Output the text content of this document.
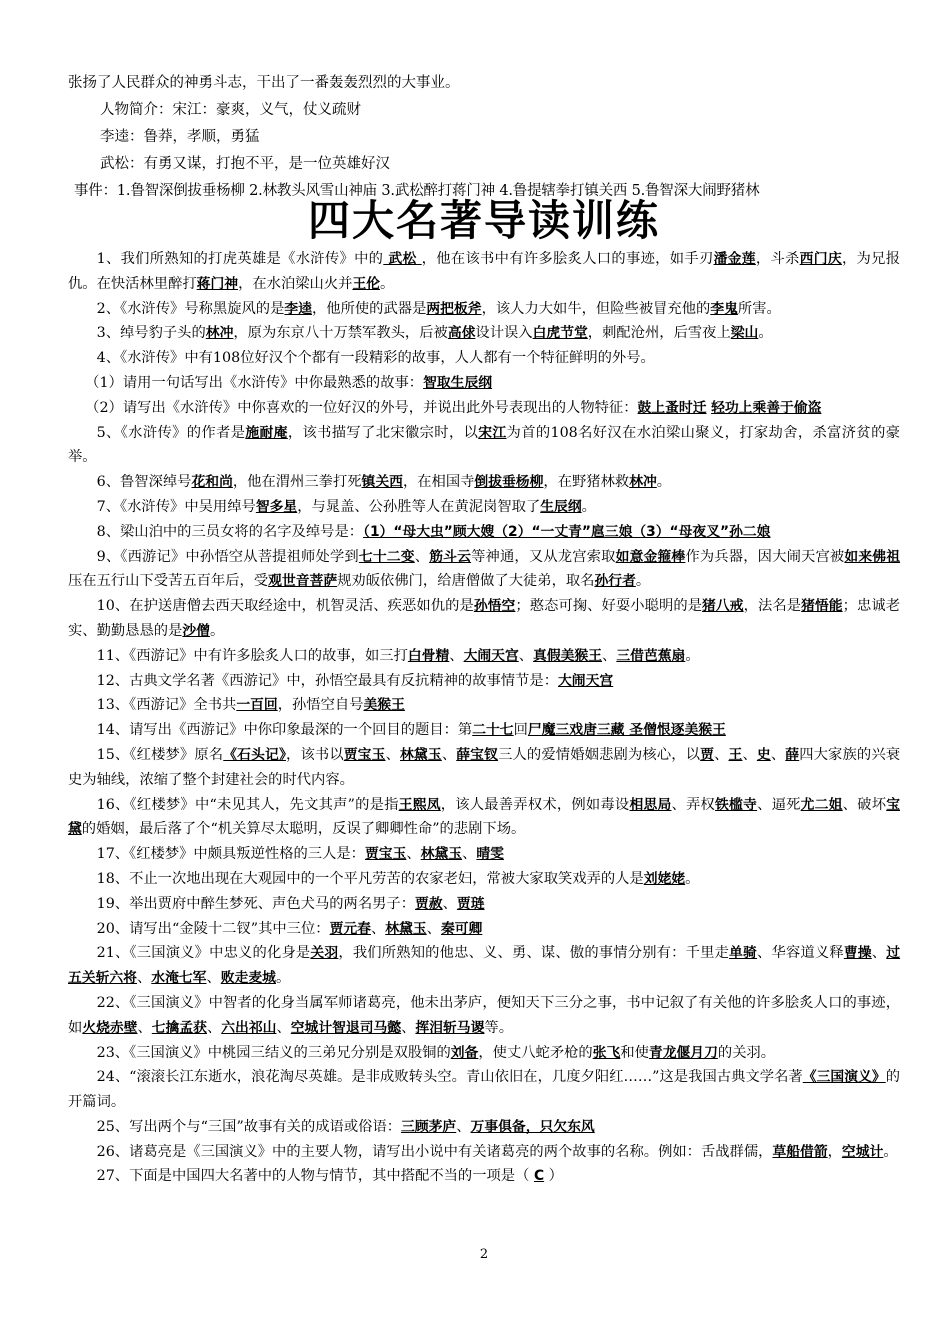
张扬了人民群众的神勇斗志，干出了一番轰轰烈烈的大事业。

人物简介：宋江：豪爽，义气，仗义疏财

李逵：鲁莽，孝顺，勇猛

武松：有勇又谋，打抱不平，是一位英雄好汉

事件：1.鲁智深倒拔垂杨柳 2.林教头风雪山神庙 3.武松醉打蒋门神 4.鲁提辖拳打镇关西 5.鲁智深大闹野猪林

四大名著导读训练

1、我们所熟知的打虎英雄是《水浒传》中的 武松 ，他在该书中有许多脍炙人口的事迹，如手刃潘金莲，斗杀西门庆，为兄报仇。在快活林里醉打蒋门神，在水泊梁山火并王伦。

2、《水浒传》号称黑旋风的是李逵，他所使的武器是两把板斧，该人力大如牛，但险些被冒充他的李鬼所害。

3、绰号豹子头的林冲，原为东京八十万禁军教头，后被高俅设计误入白虎节堂，刺配沧州，后雪夜上梁山。

4、《水浒传》中有108位好汉个个都有一段精彩的故事，人人都有一个特征鲜明的外号。

（1）请用一句话写出《水浒传》中你最熟悉的故事：智取生辰纲

（2）请写出《水浒传》中你喜欢的一位好汉的外号，并说出此外号表现出的人物特征：鼓上蚤时迁 轻功上乘善于偷盗

5、《水浒传》的作者是施耐庵，该书描写了北宋徽宗时，以宋江为首的108名好汉在水泊梁山聚义，打家劫舍，杀富济贫的豪举。

6、鲁智深绰号花和尚，他在渭州三拳打死镇关西，在相国寺倒拔垂杨柳，在野猪林救林冲。

7、《水浒传》中吴用绰号智多星，与晁盖、公孙胜等人在黄泥岗智取了生辰纲。

8、梁山泊中的三员女将的名字及绰号是：（1）“母大虫”顾大嫂（2）“一丈青”扈三娘（3）“母夜叉”孙二娘

9、《西游记》中孙悟空从菩提祖师处学到七十二变、筋斗云等神通，又从龙宫索取如意金箍棒作为兵器，因大闹天宫被如来佛祖压在五行山下受苦五百年后，受观世音菩萨规劝皈依佛门，给唐僧做了大徒弟，取名孙行者。

10、在护送唐僧去西天取经途中，机智灵活、疾恶如仇的是孙悟空；憨态可掬、好耍小聪明的是猪八戒，法名是猪悟能；忠诚老实、勤勤恳恳的是沙僧。

11、《西游记》中有许多脍炙人口的故事，如三打白骨精、大闹天宫、真假美猴王、三借芭蕉扇。

12、古典文学名著《西游记》中，孙悟空最具有反抗精神的故事情节是：大闹天宫

13、《西游记》全书共一百回，孙悟空自号美猴王

14、请写出《西游记》中你印象最深的一个回目的题目：第二十七回尸魔三戏唐三藏 圣僧恨逐美猴王

15、《红楼梦》原名《石头记》，该书以贾宝玉、林黛玉、薛宝钗三人的爱情婚姻悲剧为核心，以贾、王、史、薛四大家族的兴衰史为轴线，浓缩了整个封建社会的时代内容。

16、《红楼梦》中“未见其人，先文其声”的是指王熙凤，该人最善弄权术，例如毒设相思局、弄权铁槛寺、逼死尤二姐、破坏宝黛的婚姻，最后落了个“机关算尽太聪明，反误了卿卿性命”的悲剧下场。

17、《红楼梦》中颇具叛逆性格的三人是：贾宝玉、林黛玉、晴雯

18、不止一次地出现在大观园中的一个平凡劳苦的农家老妇，常被大家取笑戏弄的人是刘姥姥。

19、举出贾府中醉生梦死、声色犬马的两名男子：贾赦、贾琏

20、请写出“金陵十二钗”其中三位：贾元春、林黛玉、秦可卿

21、《三国演义》中忠义的化身是关羽，我们所熟知的他忠、义、勇、谋、傲的事情分别有：千里走单骑、华容道义释曹操、过五关斩六将、水淹七军、败走麦城。

22、《三国演义》中智者的化身当属军师诸葛亮，他未出茅庐，便知天下三分之事，书中记叙了有关他的许多脍炙人口的事迹，如火烧赤壁、七擒孟获、六出祁山、空城计智退司马懿、挥泪斩马谡等。

23、《三国演义》中桃园三结义的三弟兄分别是双股铜的刘备，使丈八蛇矛枪的张飞和使青龙偃月刀的关羽。

24、“滚滚长江东逝水，浪花淘尽英雄。是非成败转头空。青山依旧在，几度夕阳红……”这是我国古典文学名著《三国演义》的开篇词。

25、写出两个与“三国”故事有关的成语或俗语：三顾茅庐、万事俱备，只欠东风

26、诸葛亮是《三国演义》中的主要人物，请写出小说中有关诸葛亮的两个故事的名称。例如：舌战群儒，草船借箭，空城计。

27、下面是中国四大名著中的人物与情节，其中搭配不当的一项是（ C ）

2
